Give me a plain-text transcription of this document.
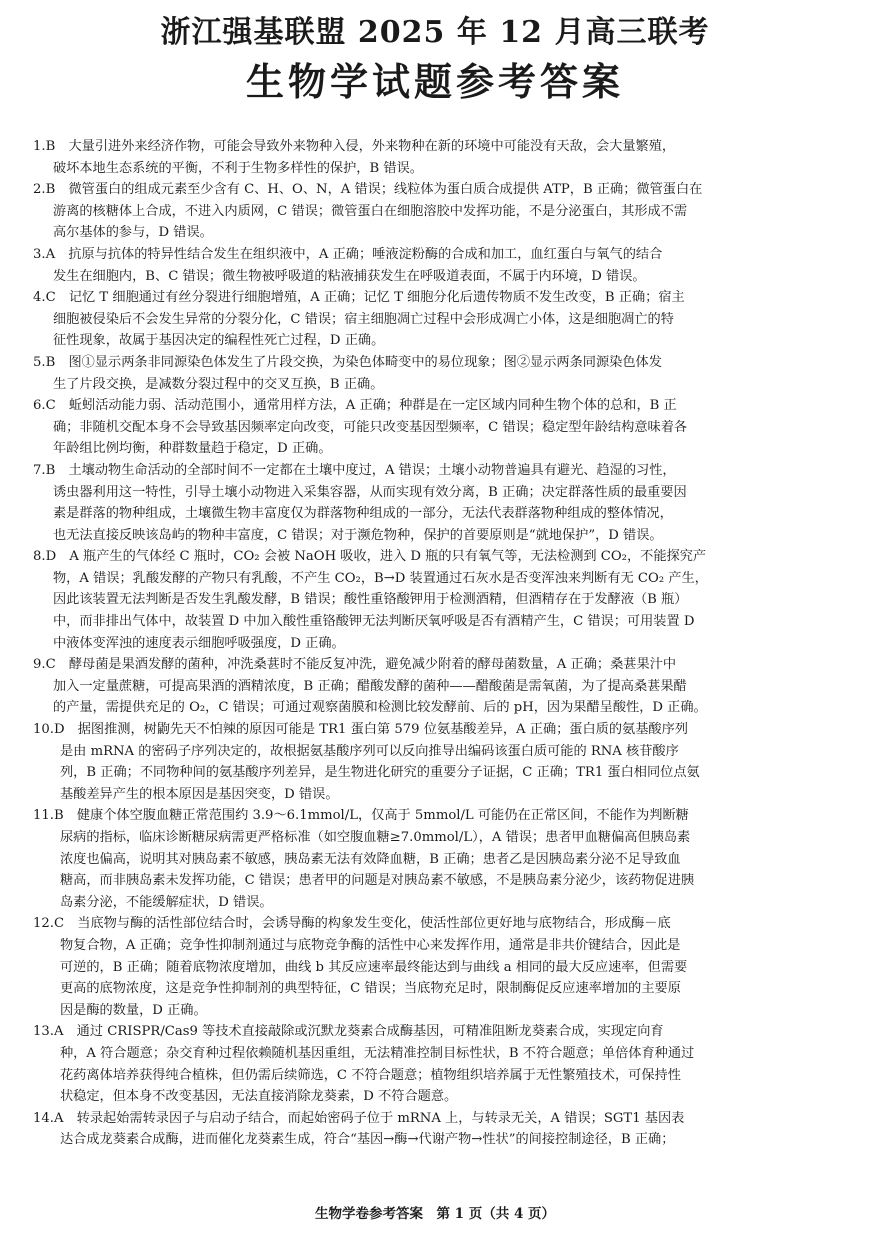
浙江强基联盟 2025 年 12 月高三联考
生物学试题参考答案
1.B　大量引进外来经济作物，可能会导致外来物种入侵，外来物种在新的环境中可能没有天敌，会大量繁殖，
破坏本地生态系统的平衡，不利于生物多样性的保护，B 错误。
2.B　微管蛋白的组成元素至少含有 C、H、O、N，A 错误；线粒体为蛋白质合成提供 ATP，B 正确；微管蛋白在
游离的核糖体上合成，不进入内质网，C 错误；微管蛋白在细胞溶胶中发挥功能，不是分泌蛋白，其形成不需
高尔基体的参与，D 错误。
3.A　抗原与抗体的特异性结合发生在组织液中，A 正确；唾液淀粉酶的合成和加工，血红蛋白与氧气的结合
发生在细胞内，B、C 错误；微生物被呼吸道的粘液捕获发生在呼吸道表面，不属于内环境，D 错误。
4.C　记忆 T 细胞通过有丝分裂进行细胞增殖，A 正确；记忆 T 细胞分化后遗传物质不发生改变，B 正确；宿主
细胞被侵染后不会发生异常的分裂分化，C 错误；宿主细胞凋亡过程中会形成凋亡小体，这是细胞凋亡的特
征性现象，故属于基因决定的编程性死亡过程，D 正确。
5.B　图①显示两条非同源染色体发生了片段交换，为染色体畸变中的易位现象；图②显示两条同源染色体发
生了片段交换，是减数分裂过程中的交叉互换，B 正确。
6.C　蚯蚓活动能力弱、活动范围小，通常用样方法，A 正确；种群是在一定区域内同种生物个体的总和，B 正
确；非随机交配本身不会导致基因频率定向改变，可能只改变基因型频率，C 错误；稳定型年龄结构意味着各
年龄组比例均衡，种群数量趋于稳定，D 正确。
7.B　土壤动物生命活动的全部时间不一定都在土壤中度过，A 错误；土壤小动物普遍具有避光、趋湿的习性，
诱虫器利用这一特性，引导土壤小动物进入采集容器，从而实现有效分离，B 正确；决定群落性质的最重要因
素是群落的物种组成，土壤微生物丰富度仅为群落物种组成的一部分，无法代表群落物种组成的整体情况，
也无法直接反映该岛屿的物种丰富度，C 错误；对于濒危物种，保护的首要原则是“就地保护”，D 错误。
8.D　A 瓶产生的气体经 C 瓶时，CO₂ 会被 NaOH 吸收，进入 D 瓶的只有氧气等，无法检测到 CO₂，不能探究产
物，A 错误；乳酸发酵的产物只有乳酸，不产生 CO₂，B→D 装置通过石灰水是否变浑浊来判断有无 CO₂ 产生，
因此该装置无法判断是否发生乳酸发酵，B 错误；酸性重铬酸钾用于检测酒精，但酒精存在于发酵液（B 瓶）
中，而非排出气体中，故装置 D 中加入酸性重铬酸钾无法判断厌氧呼吸是否有酒精产生，C 错误；可用装置 D
中液体变浑浊的速度表示细胞呼吸强度，D 正确。
9.C　酵母菌是果酒发酵的菌种，冲洗桑葚时不能反复冲洗，避免减少附着的酵母菌数量，A 正确；桑葚果汁中
加入一定量蔗糖，可提高果酒的酒精浓度，B 正确；醋酸发酵的菌种——醋酸菌是需氧菌，为了提高桑葚果醋
的产量，需提供充足的 O₂，C 错误；可通过观察菌膜和检测比较发酵前、后的 pH，因为果醋呈酸性，D 正确。
10.D　据图推测，树鼩先天不怕辣的原因可能是 TR1 蛋白第 579 位氨基酸差异，A 正确；蛋白质的氨基酸序列
是由 mRNA 的密码子序列决定的，故根据氨基酸序列可以反向推导出编码该蛋白质可能的 RNA 核苷酸序
列，B 正确；不同物种间的氨基酸序列差异，是生物进化研究的重要分子证据，C 正确；TR1 蛋白相同位点氨
基酸差异产生的根本原因是基因突变，D 错误。
11.B　健康个体空腹血糖正常范围约 3.9～6.1mmol/L，仅高于 5mmol/L 可能仍在正常区间，不能作为判断糖
尿病的指标，临床诊断糖尿病需更严格标准（如空腹血糖≥7.0mmol/L），A 错误；患者甲血糖偏高但胰岛素
浓度也偏高，说明其对胰岛素不敏感，胰岛素无法有效降血糖，B 正确；患者乙是因胰岛素分泌不足导致血
糖高，而非胰岛素未发挥功能，C 错误；患者甲的问题是对胰岛素不敏感，不是胰岛素分泌少，该药物促进胰
岛素分泌，不能缓解症状，D 错误。
12.C　当底物与酶的活性部位结合时，会诱导酶的构象发生变化，使活性部位更好地与底物结合，形成酶－底
物复合物，A 正确；竞争性抑制剂通过与底物竞争酶的活性中心来发挥作用，通常是非共价键结合，因此是
可逆的，B 正确；随着底物浓度增加，曲线 b 其反应速率最终能达到与曲线 a 相同的最大反应速率，但需要
更高的底物浓度，这是竞争性抑制剂的典型特征，C 错误；当底物充足时，限制酶促反应速率增加的主要原
因是酶的数量，D 正确。
13.A　通过 CRISPR/Cas9 等技术直接敲除或沉默龙葵素合成酶基因，可精准阻断龙葵素合成，实现定向育
种，A 符合题意；杂交育种过程依赖随机基因重组，无法精准控制目标性状，B 不符合题意；单倍体育种通过
花药离体培养获得纯合植株，但仍需后续筛选，C 不符合题意；植物组织培养属于无性繁殖技术，可保持性
状稳定，但本身不改变基因，无法直接消除龙葵素，D 不符合题意。
14.A　转录起始需转录因子与启动子结合，而起始密码子位于 mRNA 上，与转录无关，A 错误；SGT1 基因表
达合成龙葵素合成酶，进而催化龙葵素生成，符合“基因→酶→代谢产物→性状”的间接控制途径，B 正确；
生物学卷参考答案　第 1 页（共 4 页）
